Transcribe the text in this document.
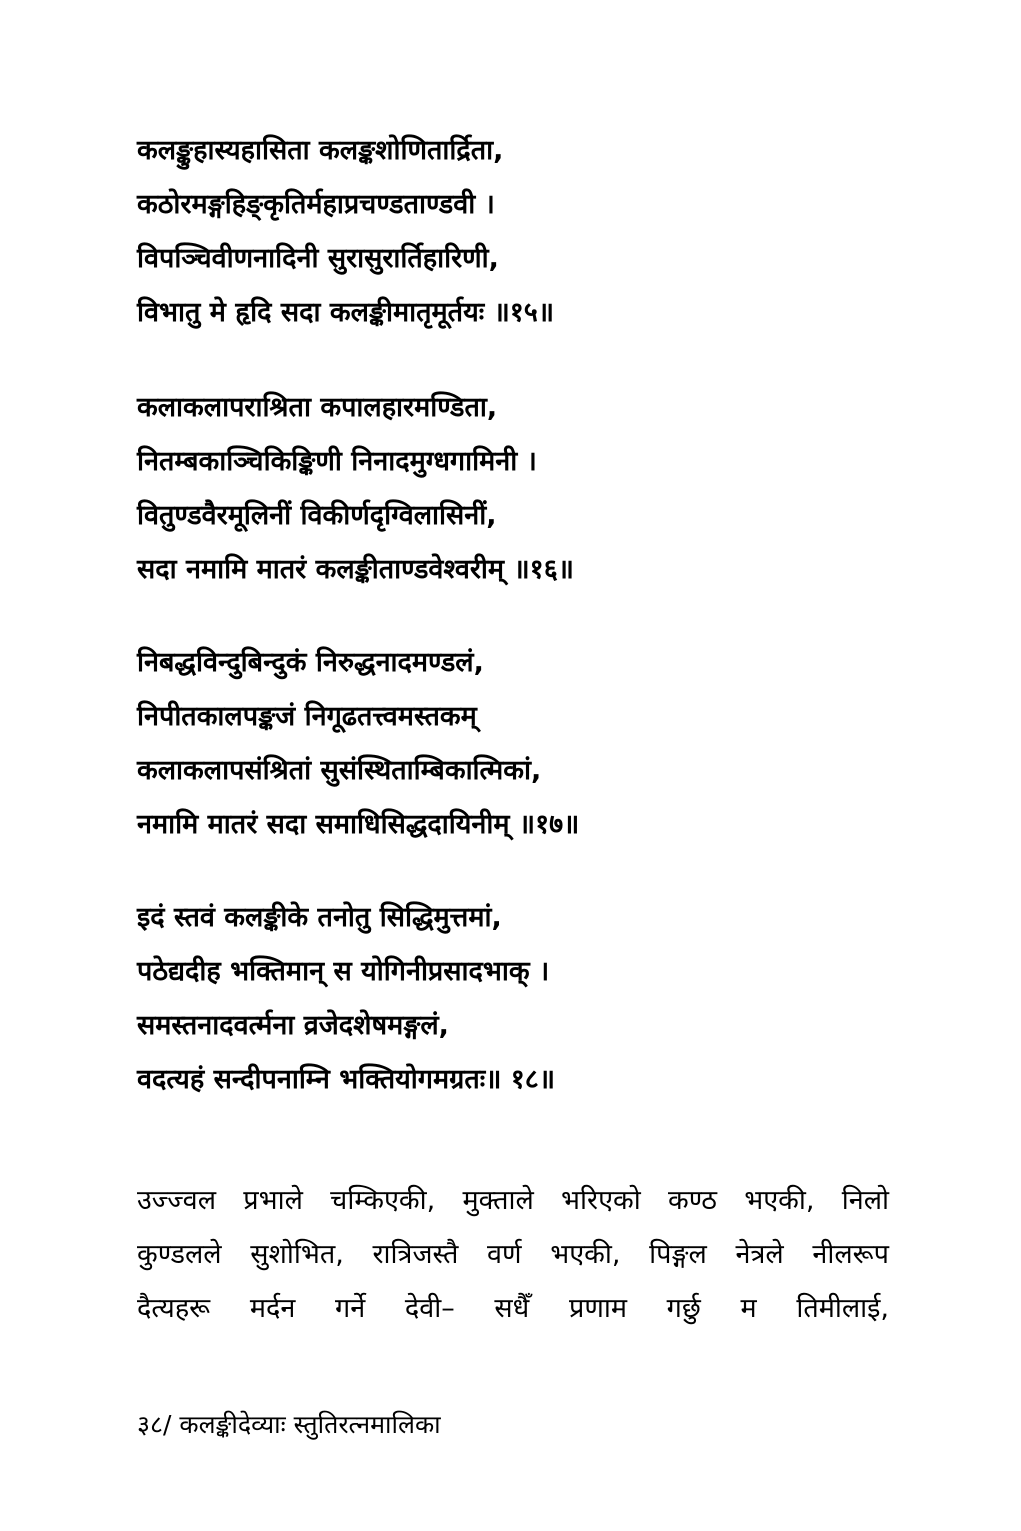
कलङ्कुहास्यहासिता कलङ्कशोणितार्द्रिता,
कठोरमङ्गहिङ्कृतिर्महाप्रचण्डताण्डवी ।
विपञ्चिवीणनादिनी सुरासुरार्तिहारिणी,
विभातु मे हृदि सदा कलङ्कीमातृमूर्तयः ॥१५॥
कलाकलापराश्रिता कपालहारमण्डिता,
नितम्बकाञ्चिकिङ्किणी निनादमुग्धगामिनी ।
वितुण्डवैरमूलिनीं विकीर्णदृग्विलासिनीं,
सदा नमामि मातरं कलङ्कीताण्डवेश्वरीम् ॥१६॥
निबद्धविन्दुबिन्दुकं निरुद्धनादमण्डलं,
निपीतकालपङ्कजं निगूढतत्त्वमस्तकम्
कलाकलापसंश्रितां सुसंस्थिताम्बिकात्मिकां,
नमामि मातरं सदा समाधिसिद्धदायिनीम् ॥१७॥
इदं स्तवं कलङ्कीके तनोतु सिद्धिमुत्तमां,
पठेद्यदीह भक्तिमान् स योगिनीप्रसादभाक् ।
समस्तनादवर्त्मना व्रजेदशेषमङ्गलं,
वदत्यहं सन्दीपनाम्नि भक्तियोगमग्रतः॥ १८॥
उज्ज्वल प्रभाले चम्किएकी, मुक्ताले भरिएको कण्ठ भएकी, निलो
कुण्डलले सुशोभित, रात्रिजस्तै वर्ण भएकी, पिङ्गल नेत्रले नीलरूप
दैत्यहरू मर्दन गर्ने देवी– सधैँ प्रणाम गर्छु म तिमीलाई,
३८/ कलङ्कीदेव्याः स्तुतिरत्नमालिका
